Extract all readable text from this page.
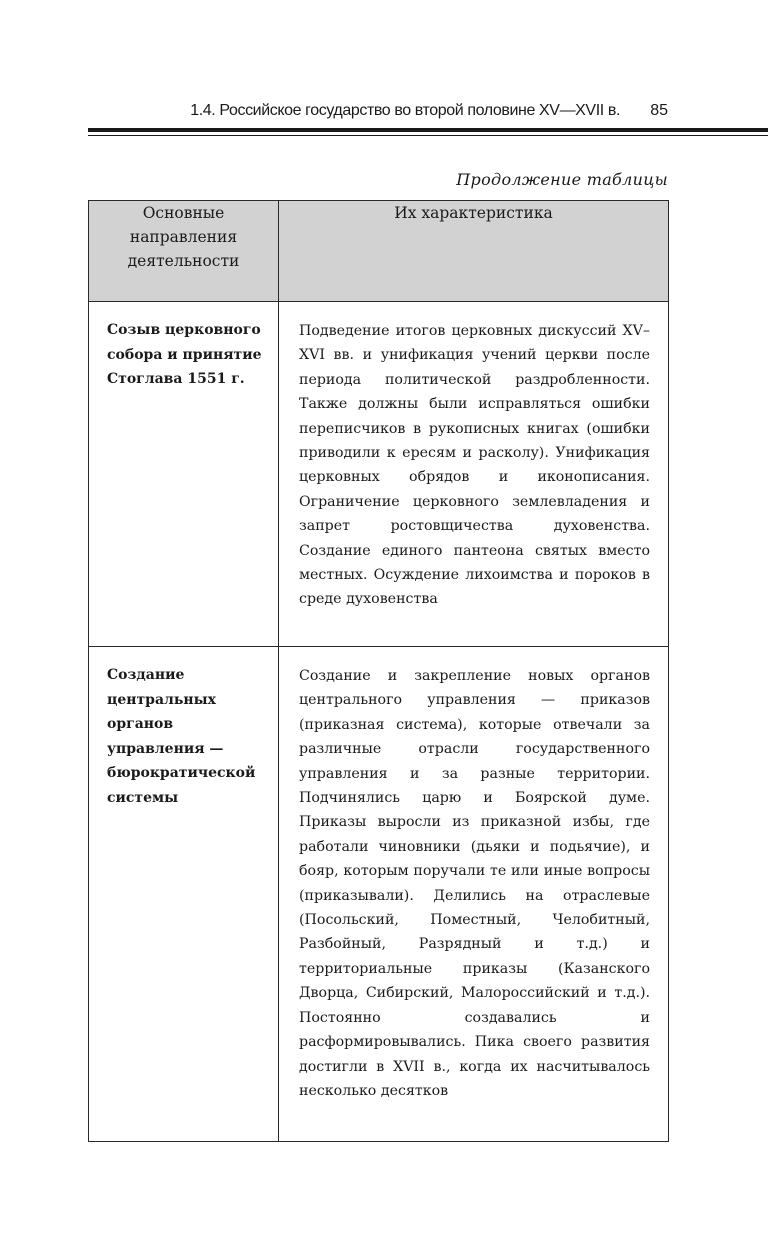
1.4. Российское государство во второй половине XV—XVII в. 85
Продолжение таблицы
Основные направления деятельности	Их характеристика
Созыв церковного собора и принятие Стоглава 1551 г.	Подведение итогов церковных дискуссий XV–XVI вв. и унификация учений церкви после периода политической раздробленности. Также должны были исправляться ошибки переписчиков в рукописных книгах (ошибки приводили к ересям и расколу). Унификация церковных обрядов и иконописания. Ограничение церковного землевладения и запрет ростовщичества духовенства. Создание единого пантеона святых вместо местных. Осуждение лихоимства и пороков в среде духовенства
Создание центральных органов управления — бюрократической системы	Создание и закрепление новых органов центрального управления — приказов (приказная система), которые отвечали за различные отрасли государственного управления и за разные территории. Подчинялись царю и Боярской думе. Приказы выросли из приказной избы, где работали чиновники (дьяки и подьячие), и бояр, которым поручали те или иные вопросы (приказывали). Делились на отраслевые (Посольский, Поместный, Челобитный, Разбойный, Разрядный и т.д.) и территориальные приказы (Казанского Дворца, Сибирский, Малороссийский и т.д.). Постоянно создавались и расформировывались. Пика своего развития достигли в XVII в., когда их насчитывалось несколько десятков
